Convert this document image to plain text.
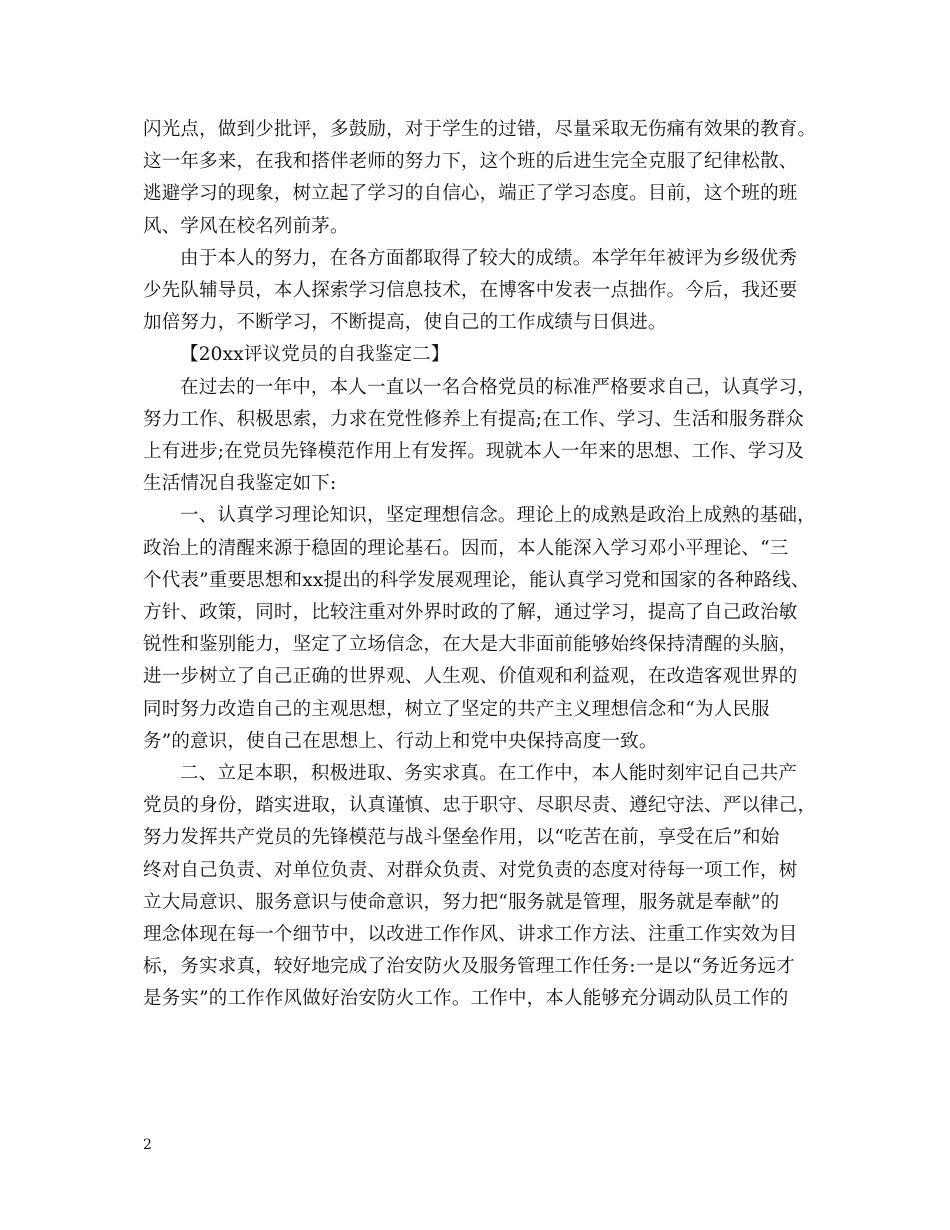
闪光点，做到少批评，多鼓励，对于学生的过错，尽量采取无伤痛有效果的教育。
这一年多来，在我和搭伴老师的努力下，这个班的后进生完全克服了纪律松散、
逃避学习的现象，树立起了学习的自信心，端正了学习态度。目前，这个班的班
风、学风在校名列前茅。
由于本人的努力，在各方面都取得了较大的成绩。本学年年被评为乡级优秀
少先队辅导员，本人探索学习信息技术，在博客中发表一点拙作。今后，我还要
加倍努力，不断学习，不断提高，使自己的工作成绩与日俱进。
【20xx评议党员的自我鉴定二】
在过去的一年中，本人一直以一名合格党员的标准严格要求自己，认真学习，
努力工作、积极思索，力求在党性修养上有提高;在工作、学习、生活和服务群众
上有进步;在党员先锋模范作用上有发挥。现就本人一年来的思想、工作、学习及
生活情况自我鉴定如下:
一、认真学习理论知识，坚定理想信念。理论上的成熟是政治上成熟的基础，
政治上的清醒来源于稳固的理论基石。因而，本人能深入学习邓小平理论、“三
个代表”重要思想和xx提出的科学发展观理论，能认真学习党和国家的各种路线、
方针、政策，同时，比较注重对外界时政的了解，通过学习，提高了自己政治敏
锐性和鉴别能力，坚定了立场信念，在大是大非面前能够始终保持清醒的头脑，
进一步树立了自己正确的世界观、人生观、价值观和利益观，在改造客观世界的
同时努力改造自己的主观思想，树立了坚定的共产主义理想信念和“为人民服
务”的意识，使自己在思想上、行动上和党中央保持高度一致。
二、立足本职，积极进取、务实求真。在工作中，本人能时刻牢记自己共产
党员的身份，踏实进取，认真谨慎、忠于职守、尽职尽责、遵纪守法、严以律己，
努力发挥共产党员的先锋模范与战斗堡垒作用，以“吃苦在前，享受在后”和始
终对自己负责、对单位负责、对群众负责、对党负责的态度对待每一项工作，树
立大局意识、服务意识与使命意识，努力把“服务就是管理，服务就是奉献”的
理念体现在每一个细节中，以改进工作作风、讲求工作方法、注重工作实效为目
标，务实求真，较好地完成了治安防火及服务管理工作任务:一是以“务近务远才
是务实”的工作作风做好治安防火工作。工作中，本人能够充分调动队员工作的
2
